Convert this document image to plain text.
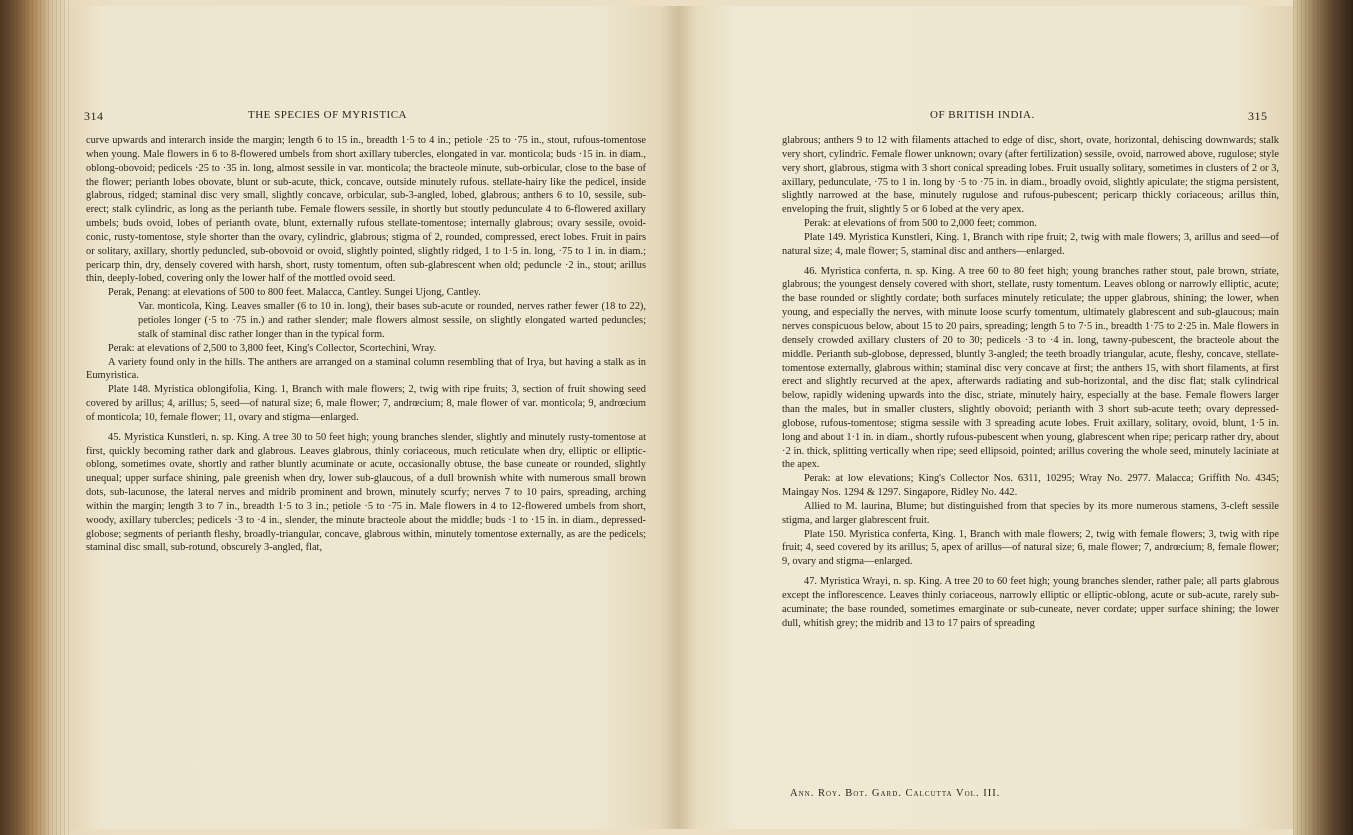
314	THE SPECIES OF MYRISTICA

curve upwards and interarch inside the margin; length 6 to 15 in., breadth 1·5 to 4 in.; petiole ·25 to ·75 in., stout, rufous-tomentose when young. Male flowers in 6 to 8-flowered umbels from short axillary tubercles, elongated in var. monticola; buds ·15 in. in diam., oblong-obovoid; pedicels ·25 to ·35 in. long, almost sessile in var. monticola; the bracteole minute, sub-orbicular, close to the base of the flower; perianth lobes obovate, blunt or sub-acute, thick, concave, outside minutely rufous. stellate-hairy like the pedicel, inside glabrous, ridged; staminal disc very small, slightly concave, orbicular, sub-3-angled, lobed, glabrous; anthers 6 to 10, sessile, sub-erect; stalk cylindric, as long as the perianth tube. Female flowers sessile, in shortly but stoutly pedunculate 4 to 6-flowered axillary umbels; buds ovoid, lobes of perianth ovate, blunt, externally rufous stellate-tomentose; internally glabrous; ovary sessile, ovoid-conic, rusty-tomentose, style shorter than the ovary, cylindric, glabrous; stigma of 2, rounded, compressed, erect lobes. Fruit in pairs or solitary, axillary, shortly peduncled, sub-obovoid or ovoid, slightly pointed, slightly ridged, 1 to 1·5 in. long, ·75 to 1 in. in diam.; pericarp thin, dry, densely covered with harsh, short, rusty tomentum, often sub-glabrescent when old; peduncle ·2 in., stout; arillus thin, deeply-lobed, covering only the lower half of the mottled ovoid seed.

Perak, Penang: at elevations of 500 to 800 feet. Malacca, Cantley. Sungei Ujong, Cantley.

Var. monticola, King. Leaves smaller (6 to 10 in. long), their bases sub-acute or rounded, nerves rather fewer (18 to 22), petioles longer (·5 to ·75 in.) and rather slender; male flowers almost sessile, on slightly elongated warted peduncles; stalk of staminal disc rather longer than in the typical form.

Perak: at elevations of 2,500 to 3,800 feet, King's Collector, Scortechini, Wray.

A variety found only in the hills. The anthers are arranged on a staminal column resembling that of Irya, but having a stalk as in Eumyristica.

Plate 148. Myristica oblongifolia, King. 1, Branch with male flowers; 2, twig with ripe fruits; 3, section of fruit showing seed covered by arillus; 4, arillus; 5, seed—of natural size; 6, male flower; 7, andrœcium; 8, male flower of var. monticola; 9, andrœcium of monticola; 10, female flower; 11, ovary and stigma—enlarged.

45. Myristica Kunstleri, n. sp. King. A tree 30 to 50 feet high; young branches slender, slightly and minutely rusty-tomentose at first, quickly becoming rather dark and glabrous. Leaves glabrous, thinly coriaceous, much reticulate when dry, elliptic or elliptic-oblong, sometimes ovate, shortly and rather bluntly acuminate or acute, occasionally obtuse, the base cuneate or rounded, slightly unequal; upper surface shining, pale greenish when dry, lower sub-glaucous, of a dull brownish white with numerous small brown dots, sub-lacunose, the lateral nerves and midrib prominent and brown, minutely scurfy; nerves 7 to 10 pairs, spreading, arching within the margin; length 3 to 7 in., breadth 1·5 to 3 in.; petiole ·5 to ·75 in. Male flowers in 4 to 12-flowered umbels from short, woody, axillary tubercles; pedicels ·3 to ·4 in., slender, the minute bracteole about the middle; buds ·1 to ·15 in. in diam., depressed-globose; segments of perianth fleshy, broadly-triangular, concave, glabrous within, minutely tomentose externally, as are the pedicels; staminal disc small, sub-rotund, obscurely 3-angled, flat,

OF BRITISH INDIA.	315

glabrous; anthers 9 to 12 with filaments attached to edge of disc, short, ovate, horizontal, dehiscing downwards; stalk very short, cylindric. Female flower unknown; ovary (after fertilization) sessile, ovoid, narrowed above, rugulose; style very short, glabrous, stigma with 3 short conical spreading lobes. Fruit usually solitary, sometimes in clusters of 2 or 3, axillary, pedunculate, ·75 to 1 in. long by ·5 to ·75 in. in diam., broadly ovoid, slightly apiculate; the stigma persistent, slightly narrowed at the base, minutely rugulose and rufous-pubescent; pericarp thickly coriaceous; arillus thin, enveloping the fruit, slightly 5 or 6 lobed at the very apex.

Perak: at elevations of from 500 to 2,000 feet; common.

Plate 149. Myristica Kunstleri, King. 1, Branch with ripe fruit; 2, twig with male flowers; 3, arillus and seed—of natural size; 4, male flower; 5, staminal disc and anthers—enlarged.

46. Myristica conferta, n. sp. King. A tree 60 to 80 feet high; young branches rather stout, pale brown, striate, glabrous; the youngest densely covered with short, stellate, rusty tomentum. Leaves oblong or narrowly elliptic, acute; the base rounded or slightly cordate; both surfaces minutely reticulate; the upper glabrous, shining; the lower, when young, and especially the nerves, with minute loose scurfy tomentum, ultimately glabrescent and sub-glaucous; main nerves conspicuous below, about 15 to 20 pairs, spreading; length 5 to 7·5 in., breadth 1·75 to 2·25 in. Male flowers in densely crowded axillary clusters of 20 to 30; pedicels ·3 to ·4 in. long, tawny-pubescent, the bracteole about the middle. Perianth sub-globose, depressed, bluntly 3-angled; the teeth broadly triangular, acute, fleshy, concave, stellate-tomentose externally, glabrous within; staminal disc very concave at first; the anthers 15, with short filaments, at first erect and slightly recurved at the apex, afterwards radiating and sub-horizontal, and the disc flat; stalk cylindrical below, rapidly widening upwards into the disc, striate, minutely hairy, especially at the base. Female flowers larger than the males, but in smaller clusters, slightly obovoid; perianth with 3 short sub-acute teeth; ovary depressed-globose, rufous-tomentose; stigma sessile with 3 spreading acute lobes. Fruit axillary, solitary, ovoid, blunt, 1·5 in. long and about 1·1 in. in diam., shortly rufous-pubescent when young, glabrescent when ripe; pericarp rather dry, about ·2 in. thick, splitting vertically when ripe; seed ellipsoid, pointed; arillus covering the whole seed, minutely laciniate at the apex.

Perak: at low elevations; King's Collector Nos. 6311, 10295; Wray No. 2977. Malacca; Griffith No. 4345; Maingay Nos. 1294 & 1297. Singapore, Ridley No. 442.

Allied to M. laurina, Blume; but distinguished from that species by its more numerous stamens, 3-cleft sessile stigma, and larger glabrescent fruit.

Plate 150. Myristica conferta, King. 1, Branch with male flowers; 2, twig with female flowers; 3, twig with ripe fruit; 4, seed covered by its arillus; 5, apex of arillus—of natural size; 6, male flower; 7, andrœcium; 8, female flower; 9, ovary and stigma—enlarged.

47. Myristica Wrayi, n. sp. King. A tree 20 to 60 feet high; young branches slender, rather pale; all parts glabrous except the inflorescence. Leaves thinly coriaceous, narrowly elliptic or elliptic-oblong, acute or sub-acute, rarely sub-acuminate; the base rounded, sometimes emarginate or sub-cuneate, never cordate; upper surface shining; the lower dull, whitish grey; the midrib and 13 to 17 pairs of spreading

Ann. Roy. Bot. Gard. Calcutta Vol. III.
